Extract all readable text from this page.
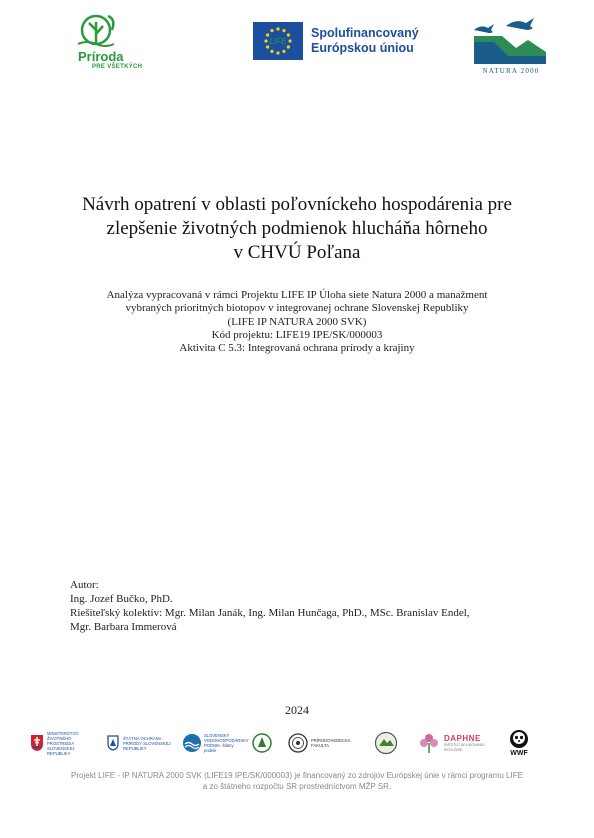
Príroda
PRE VŠETKÝCH
LIFE
Spolufinancovaný
Európskou úniou
NATURA 2000
Návrh opatrení v oblasti poľovníckeho hospodárenia pre
zlepšenie životných podmienok hlucháňa hôrneho
v CHVÚ Poľana
Analýza vypracovaná v rámci Projektu LIFE IP Úloha siete Natura 2000 a manažment
vybraných prioritných biotopov v integrovanej ochrane Slovenskej Republiky
(LIFE IP NATURA 2000 SVK)
Kód projektu: LIFE19 IPE/SK/000003
Aktivita C 5.3: Integrovaná ochrana prírody a krajiny
Autor:
Ing. Jozef Bučko, PhD.
Riešiteľský kolektív: Mgr. Milan Janák, Ing. Milan Hunčaga, PhD., MSc. Branislav Endel,
Mgr. Barbara Immerová
2024
MINISTERSTVO ŽIVOTNÉHO PROSTREDIA SLOVENSKEJ REPUBLIKY
ŠTÁTNA OCHRANA PRÍRODY SLOVENSKEJ REPUBLIKY
SLOVENSKÝ VODOHOSPODÁRSKY PODNIK, štátny podnik
PRÍRODOVEDECKÁ FAKULTA
DAPHNE
INŠTITÚT APLIKOVANEJ EKOLÓGIE
WWF
Projekt LIFE - IP NATURA 2000 SVK (LIFE19 IPE/SK/000003) je financovaný zo zdrojov Európskej únie v rámci programu LIFE
a zo štátneho rozpočtu SR prostredníctvom MŽP SR.
